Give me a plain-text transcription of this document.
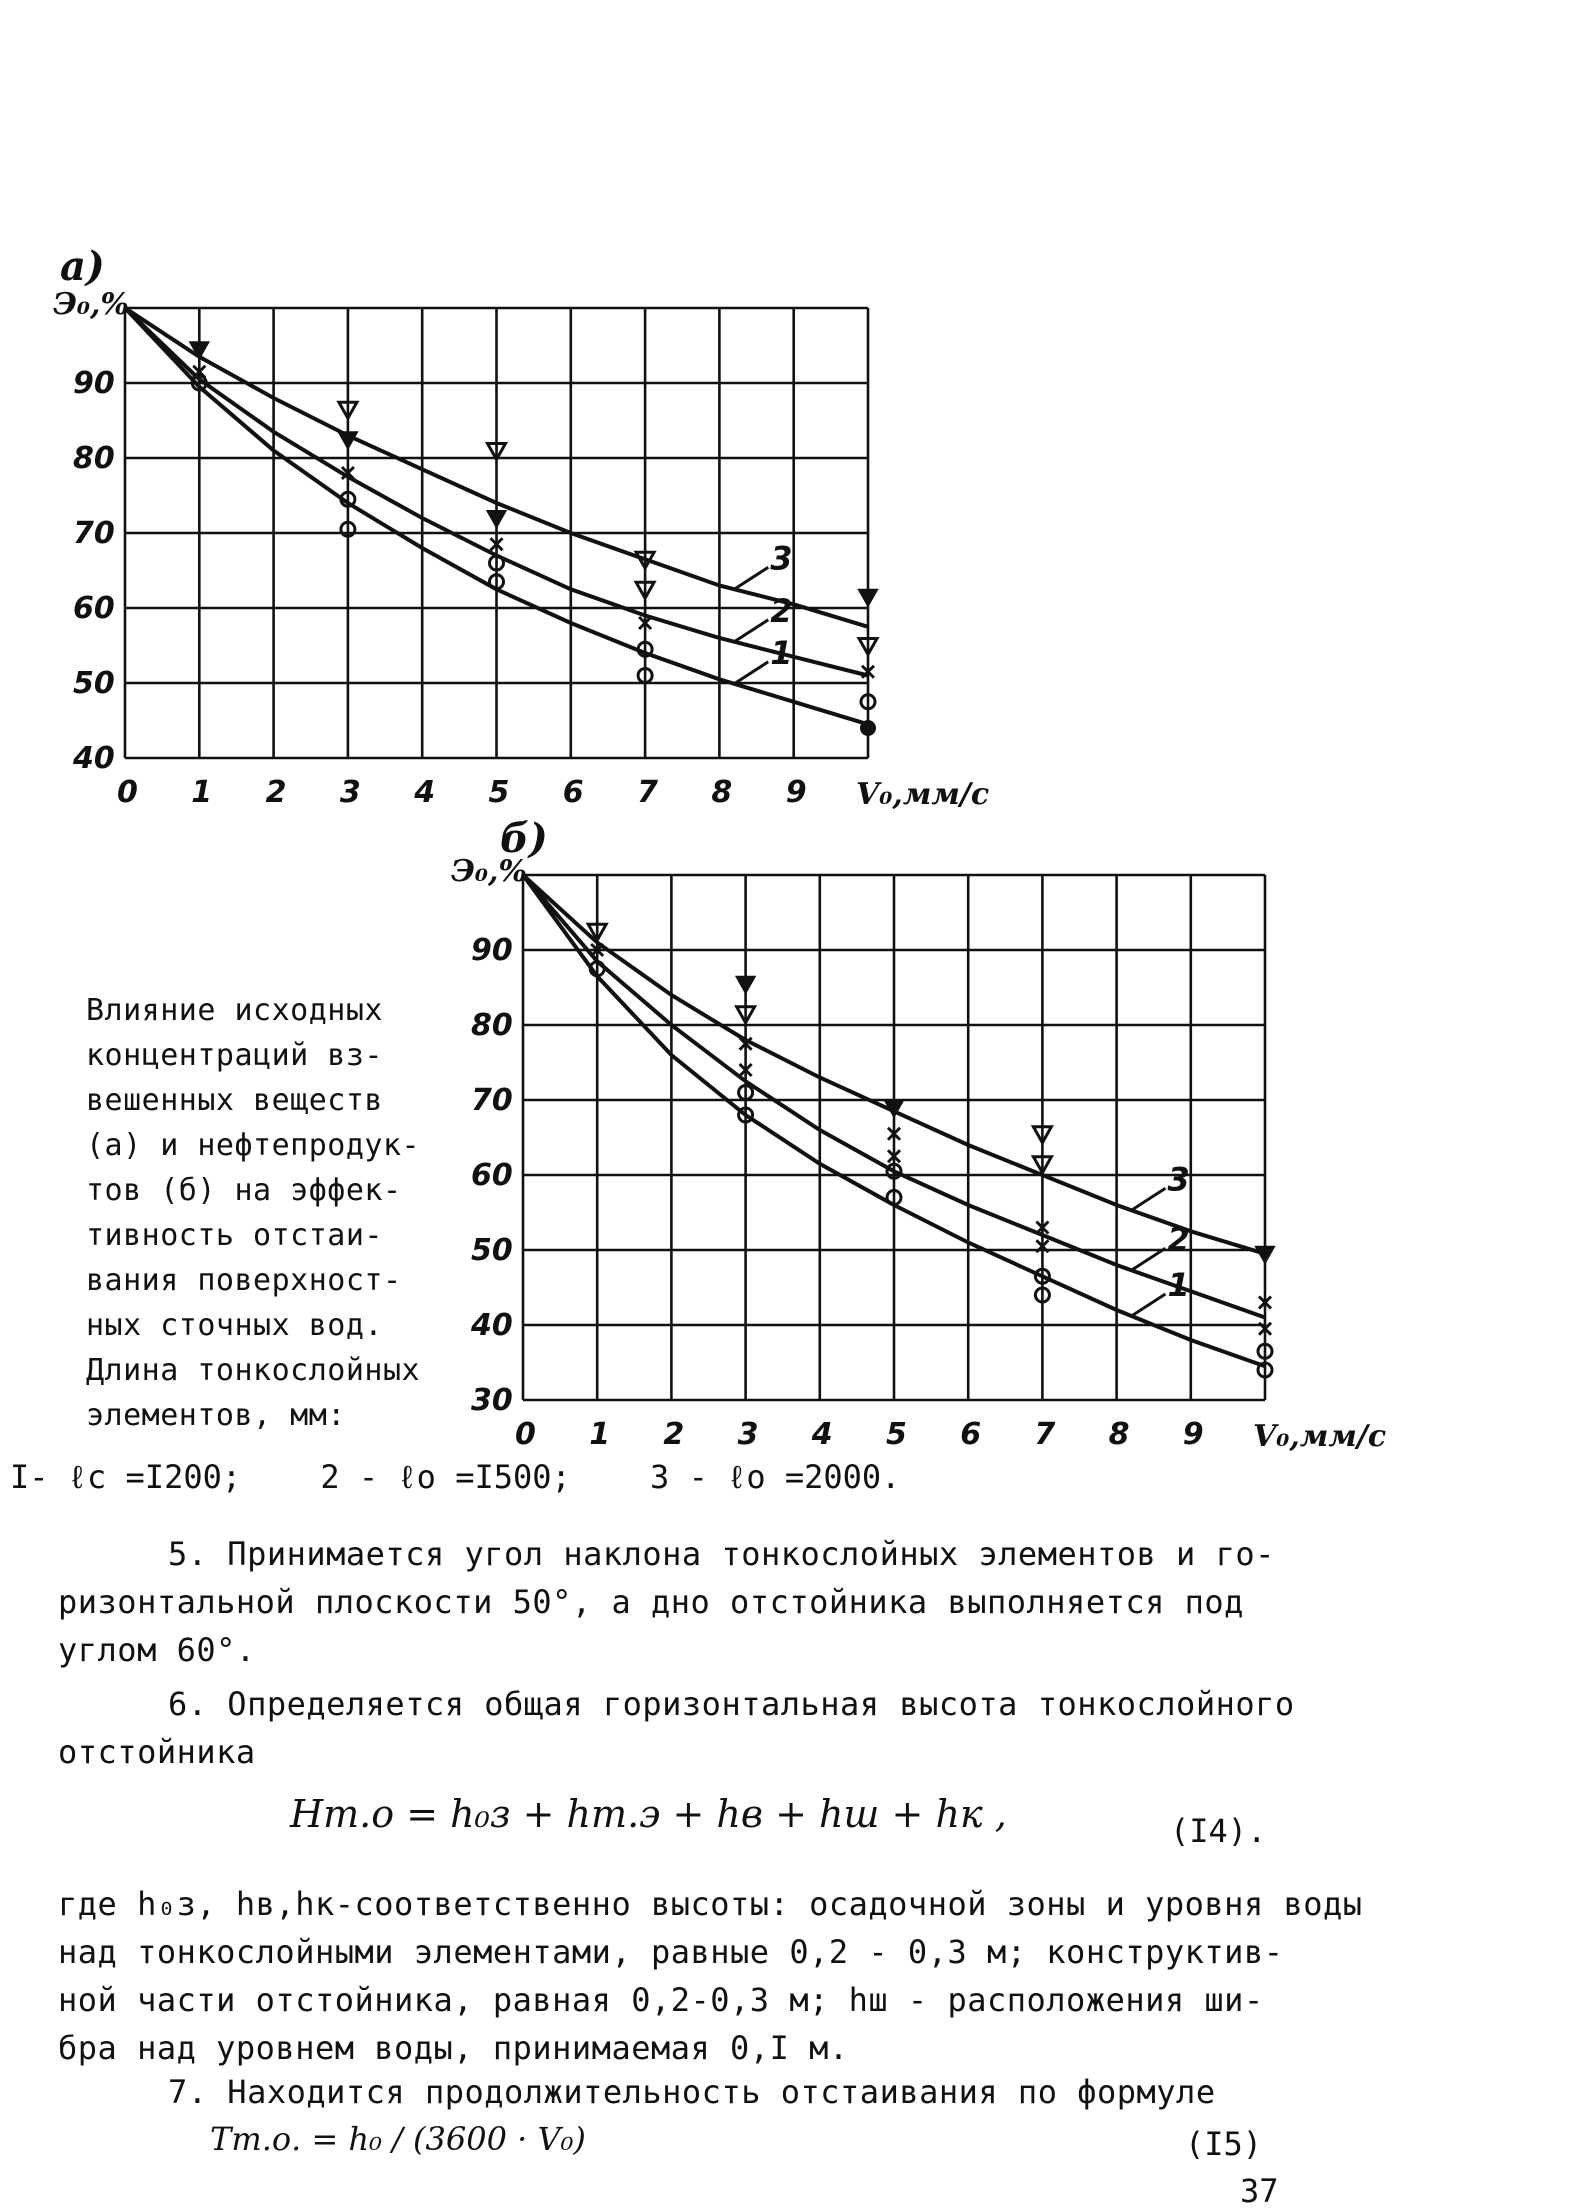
0 1 2 3 4 5 6 7 8 9
40
50
60
70
80
90
Э₀,%
V₀,мм/с
а)
1
2
3
0 1 2 3 4 5 6 7 8 9
30
40
50
60
70
80
90
Э₀,%
V₀,мм/с
б)
1
2
3
Влияние исходных
концентраций вз-
вешенных веществ
(а) и нефтепродук-
тов (б) на эффек-
тивность отстаи-
вания поверхност-
ных сточных вод.
Длина тонкослойных
элементов, мм:
I- ℓс =I200; 2 - ℓо =I500; 3 - ℓо =2000.
5. Принимается угол наклона тонкослойных элементов и го-
ризонтальной плоскости 50°, а дно отстойника выполняется под
углом 60°.
6. Определяется общая горизонтальная высота тонкослойного
отстойника
Hт.о = h₀з + hт.э + hв + hш + hк ,	(I4).
где h₀з, hв,hк-соответственно высоты: осадочной зоны и уровня воды
над тонкослойными элементами, равные 0,2 - 0,3 м; конструктив-
ной части отстойника, равная 0,2-0,3 м; hш - расположения ши-
бра над уровнем воды, принимаемая 0,I м.
7. Находится продолжительность отстаивания по формуле
Тт.о. = h₀ / (3600 · V₀)	(I5)
37
